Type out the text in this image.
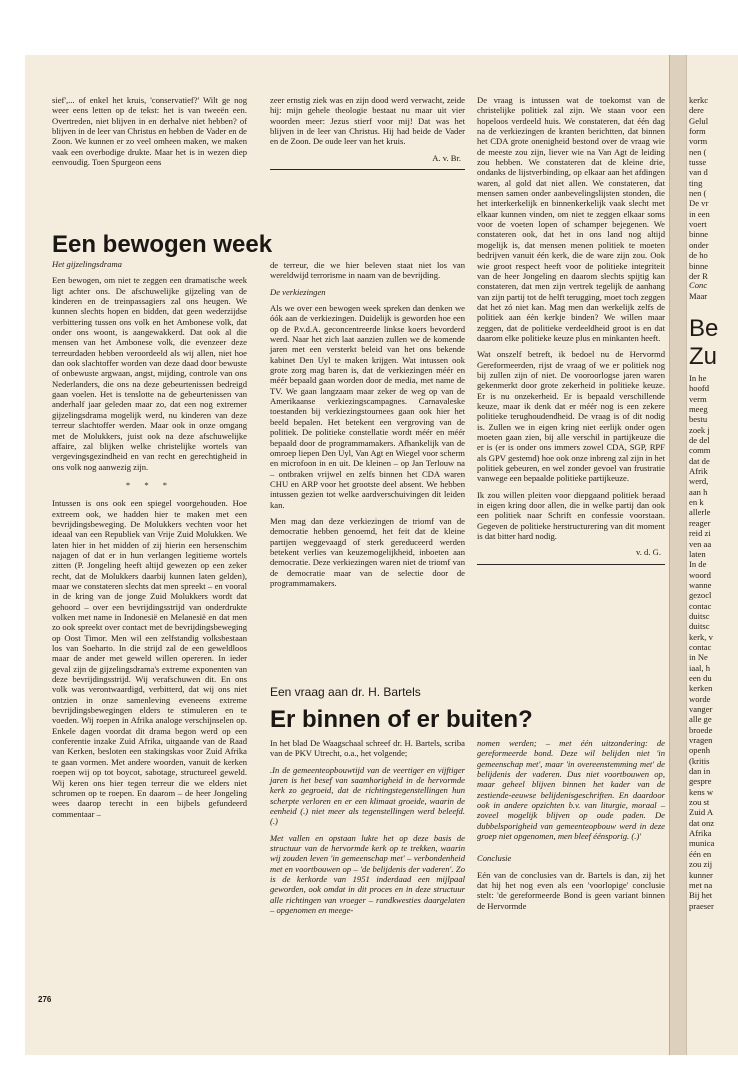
sief',... of enkel het kruis, 'conservatief?' Wilt ge nog weer eens letten op de tekst: het is van tweeën een. Overtreden, niet blijven in en derhalve niet hebben? of blijven in de leer van Christus en hebben de Vader en de Zoon. We kunnen er zo veel omheen maken, we maken vaak een overbodige drukte. Maar het is in wezen diep eenvoudig. Toen Spurgeon eens

zeer ernstig ziek was en zijn dood werd verwacht, zeide hij: mijn gehele theologie bestaat nu maar uit vier woorden meer: Jezus stierf voor mij! Dat was het blijven in de leer van Christus. Hij had beide de Vader en de Zoon. De oude leer van het kruis.

A. v. Br.
Een bewogen week
Het gijzelingsdrama

Een bewogen, om niet te zeggen een dramatische week ligt achter ons. De afschuwelijke gijzeling van de kinderen en de treinpassagiers zal ons heugen. We kunnen slechts hopen en bidden, dat geen wederzijdse verbittering tussen ons volk en het Ambonese volk, dat onder ons woont, is aangewakkerd. Dat ook al die mensen van het Ambonese volk, die evenzeer deze terreurdaden hebben veroordeeld als wij allen, niet hoe dan ook slachtoffer worden van deze daad door bewuste of onbewuste argwaan, angst, mijding, controle van ons Nederlanders, die ons na deze gebeurtenissen bedreigd gaan voelen. Het is tenslotte na de gebeurtenissen van anderhalf jaar geleden maar zo, dat een nog extremer gijzelingsdrama mogelijk werd, nu kinderen van deze terreur slachtoffer werden. Maar ook in onze omgang met de Molukkers, juist ook na deze afschuwelijke affaire, zal blijken welke christelijke wortels van vergevingsgezindheid en van recht en gerechtigheid in ons volk nog aanwezig zijn.

* * *

Intussen is ons ook een spiegel voorgehouden. Hoe extreem ook, we hadden hier te maken met een bevrijdingsbeweging. De Molukkers vechten voor het ideaal van een Republiek van Vrije Zuid Molukken. We laten hier in het midden of zij hierin een hersenschim najagen of dat er in hun verlangen legitieme wortels zitten (P. Jongeling heeft altijd gewezen op een zeker recht, dat de Molukkers daarbij kunnen laten gelden), maar we constateren slechts dat men spreekt – en vooral in de kring van de jonge Zuid Molukkers wordt dat gehoord – over een bevrijdingsstrijd van onderdrukte volken met name in Indonesië en Melanesië en dat men zo ook spreekt over contact met de bevrijdingsbeweging op Oost Timor. Men wil een zelfstandig volksbestaan los van Soeharto. In die strijd zal de een geweldloos maar de ander met geweld willen opereren. In ieder geval zijn de gijzelingsdrama's extreme exponenten van deze bevrijdingsstrijd. Wij verafschuwen dit. En ons volk was verontwaardigd, verbitterd, dat wij ons niet ontzien in onze samenleving eveneens extreme bevrijdingsbewegingen elders te stimuleren en te voeden. Wij roepen in Afrika analoge verschijnselen op. Enkele dagen voordat dit drama begon werd op een conferentie inzake Zuid Afrika, uitgaande van de Raad van Kerken, besloten een stakingskas voor Zuid Afrika te gaan vormen. Met andere woorden, vanuit de kerken roepen wij op tot boycot, sabotage, structureel geweld. Wij keren ons hier tegen terreur die we elders niet schromen op te roepen. En daarom – de heer Jongeling wees daarop terecht in een bijbels gefundeerd commentaar –

de terreur, die we hier beleven staat niet los van wereldwijd terrorisme in naam van de bevrijding.

De verkiezingen

Als we over een bewogen week spreken dan denken we óók aan de verkiezingen. Duidelijk is geworden hoe een op de P.v.d.A. geconcentreerde linkse koers bevorderd werd. Naar het zich laat aanzien zullen we de komende jaren met een versterkt beleid van het ons bekende kabinet Den Uyl te maken krijgen. Wat intussen ook grote zorg mag baren is, dat de verkiezingen méér en méér bepaald gaan worden door de media, met name de TV. We gaan langzaam maar zeker de weg op van de Amerikaanse verkiezingscampagnes. Carnavaleske toestanden bij verkiezingstournees gaan ook hier het beeld bepalen. Het betekent een vergroving van de politiek. De politieke constellatie wordt méér en méér bepaald door de programmamakers. Afhankelijk van de omroep liepen Den Uyl, Van Agt en Wiegel voor scherm en microfoon in en uit. De kleinen – op Jan Terlouw na – ontbraken vrijwel en zelfs binnen het CDA waren CHU en ARP voor het grootste deel absent. We hebben intussen gezien tot welke aardverschuivingen dit leiden kan.

Men mag dan deze verkiezingen de triomf van de democratie hebben genoemd, het feit dat de kleine partijen weggevaagd of sterk gereduceerd werden betekent verlies van keuzemogelijkheid, inboeten aan democratie. Deze verkiezingen waren niet de triomf van de democratie maar van de selectie door de programmamakers.

De vraag is intussen wat de toekomst van de christelijke politiek zal zijn. We staan voor een hopeloos verdeeld huis. We constateren, dat één dag na de verkiezingen de kranten berichtten, dat binnen het CDA grote onenigheid bestond over de vraag wie de meeste zou zijn, liever wie na Van Agt de leiding zou hebben. We constateren dat de kleine drie, ondanks de lijstverbinding, op elkaar aan het afdingen waren, al gold dat niet allen. We constateren, dat mensen samen onder aanbevelingslijsten stonden, die het interkerkelijk en binnenkerkelijk vaak slecht met elkaar kunnen vinden, om niet te zeggen elkaar soms voor de voeten lopen of schamper bejegenen. We constateren ook, dat het in ons land nog altijd mogelijk is, dat mensen menen politiek te moeten bedrijven vanuit één kerk, die de ware zijn zou. Ook wie groot respect heeft voor de politieke integriteit van de heer Jongeling en daarom slechts spijtig kan constateren, dat men zijn vertrek tegelijk de aanhang van zijn partij tot de helft terugging, moet toch zeggen dat het zó niet kan. Mag men dan werkelijk zelfs de politiek aan één kerkje binden? We willen maar zeggen, dat de politieke verdeeldheid groot is en dat daarom elke politieke keuze plus en minkanten heeft.

Wat onszelf betreft, ik bedoel nu de Hervormd Gereformeerden, rijst de vraag of we er politiek nog bij zullen zijn of niet. De vooroorlogse jaren waren gekenmerkt door grote zekerheid in politieke keuze. Er is nu onzekerheid. Er is bepaald verschillende keuze, maar ik denk dat er méér nog is een zekere politieke terughoudendheid. De vraag is of dit nodig is. Zullen we in eigen kring niet eerlijk onder ogen moeten gaan zien, bij alle verschil in partijkeuze die er is (er is onder ons immers zowel CDA, SGP, RPF als GPV gestemd) hoe ook onze inbreng zal zijn in het politiek gebeuren, en wel zonder gevoel van frustratie vanwege een bepaalde politieke partijkeuze.

Ik zou willen pleiten voor diepgaand politiek beraad in eigen kring door allen, die in welke partij dan ook een politiek naar Schrift en confessie voorstaan. Gegeven de politieke herstructurering van dit moment is dat bitter hard nodig.

v. d. G.
Een vraag aan dr. H. Bartels
Er binnen of er buiten?

In het blad De Waagschaal schreef dr. H. Bartels, scriba van de PKV Utrecht, o.a., het volgende;

.In de gemeenteopbouwtijd van de veertiger en vijftiger jaren is het besef van saamhorigheid in de hervormde kerk zo gegroeid, dat de richtingstegenstellingen hun scherpte verloren en er een klimaat groeide, waarin de eenheid (.) niet meer als tegenstellingen werd beleefd. (.)

Met vallen en opstaan lukte het op deze basis de structuur van de hervormde kerk op te trekken, waarin wij zouden leven 'in gemeenschap met' – verbondenheid met en voortbouwen op – 'de belijdenis der vaderen'. Zo is de kerkorde van 1951 inderdaad een mijlpaal geworden, ook omdat in dit proces en in deze structuur alle richtingen van vroeger – randkwesties daargelaten – opgenomen en meege-

nomen werden; – met één uitzondering: de gereformeerde bond. Deze wil belijden niet 'in gemeenschap met', maar 'in overeenstemming met' de belijdenis der vaderen. Dus niet voortbouwen op, maar geheel blijven binnen het kader van de zestiende-eeuwse belijdenisgeschriften. En daardoor ook in andere opzichten b.v. van liturgie, moraal – zoveel mogelijk blijven op oude paden. De dubbelsporigheid van gemeenteopbouw werd in deze groep niet opgenomen, men bleef éénsporig. (.)'

Conclusie

Eén van de conclusies van dr. Bartels is dan, zij het dat hij het nog even als een 'voorlopige' conclusie stelt: 'de gereformeerde Bond is geen variant binnen de Hervormde

276
kerkc
dere
Gelul
form
vorm
nen (
tusse
van d
ting
nen (
De vr
in een
voert
binne
onder
de ho
binne
der R
Conc
Maar
Be
Zu
In he
hoofd
verm
meeg
bestu
zoek j
de del
comm
dat de
Afrik
werd,
aan h
en k
allerle
reager
reid zi
ven aa
laten
In de
woord
wanne
gezocl
contac
duitsc
duitsc
kerk, v
contac
in Ne
iaal, h
een du
kerken
worde
vanger
alle ge
broede
vragen
openh
(kritis
dan in
gespre
kens w
zou st
Zuid A
dat onz
Afrika
munica
één en
zou zij
kunner
met na
Bij het
praeser
